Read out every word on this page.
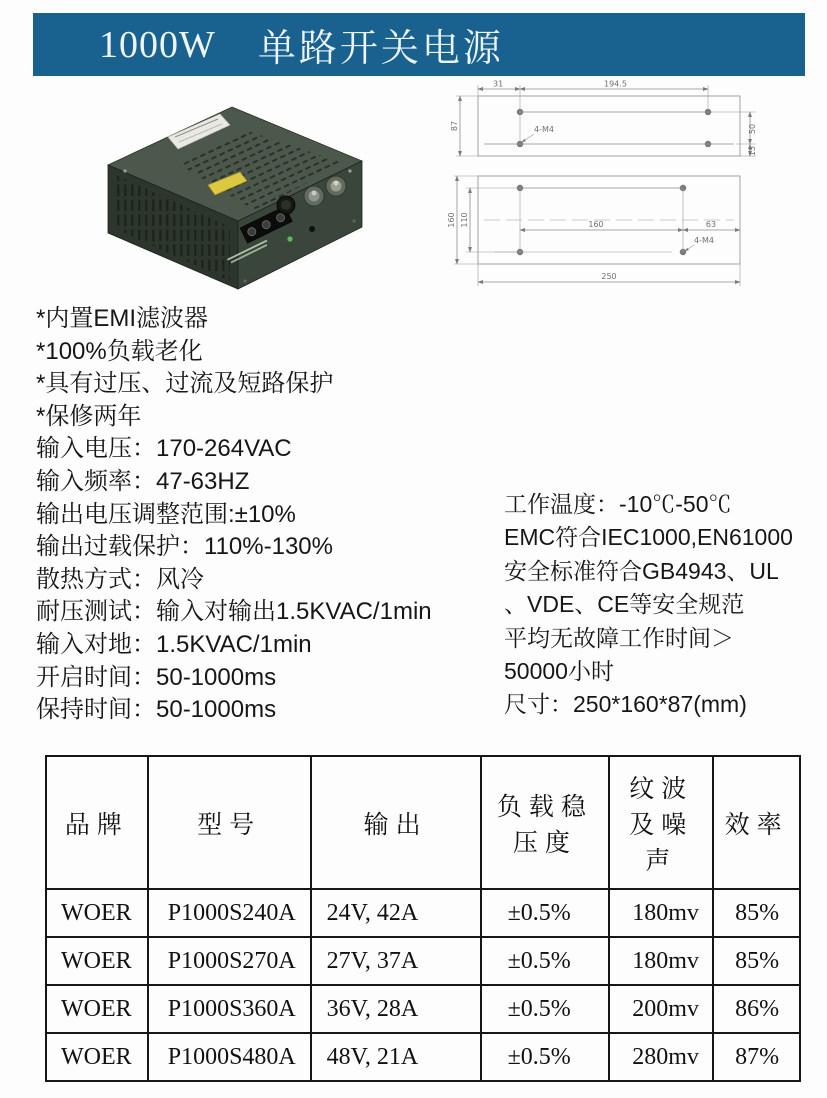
1000W 单路开关电源
31	194.5
87	4-M4	50
15
160 110	160	63
4-M4
250
*内置EMI滤波器
*100%负载老化
*具有过压、过流及短路保护
*保修两年
输入电压：170-264VAC
输入频率：47-63HZ
输出电压调整范围:±10%
输出过载保护：110%-130%
散热方式：风冷
耐压测试：输入对输出1.5KVAC/1min
输入对地：1.5KVAC/1min
开启时间：50-1000ms
保持时间：50-1000ms
工作温度：-10℃-50℃
EMC符合IEC1000,EN61000
安全标准符合GB4943、UL
、VDE、CE等安全规范
平均无故障工作时间＞
50000小时
尺寸：250*160*87(mm)
品牌	型号	输出	负载稳压度	纹波及噪声	效率
WOER	P1000S240A	24V, 42A	±0.5%	180mv	85%
WOER	P1000S270A	27V, 37A	±0.5%	180mv	85%
WOER	P1000S360A	36V, 28A	±0.5%	200mv	86%
WOER	P1000S480A	48V, 21A	±0.5%	280mv	87%
